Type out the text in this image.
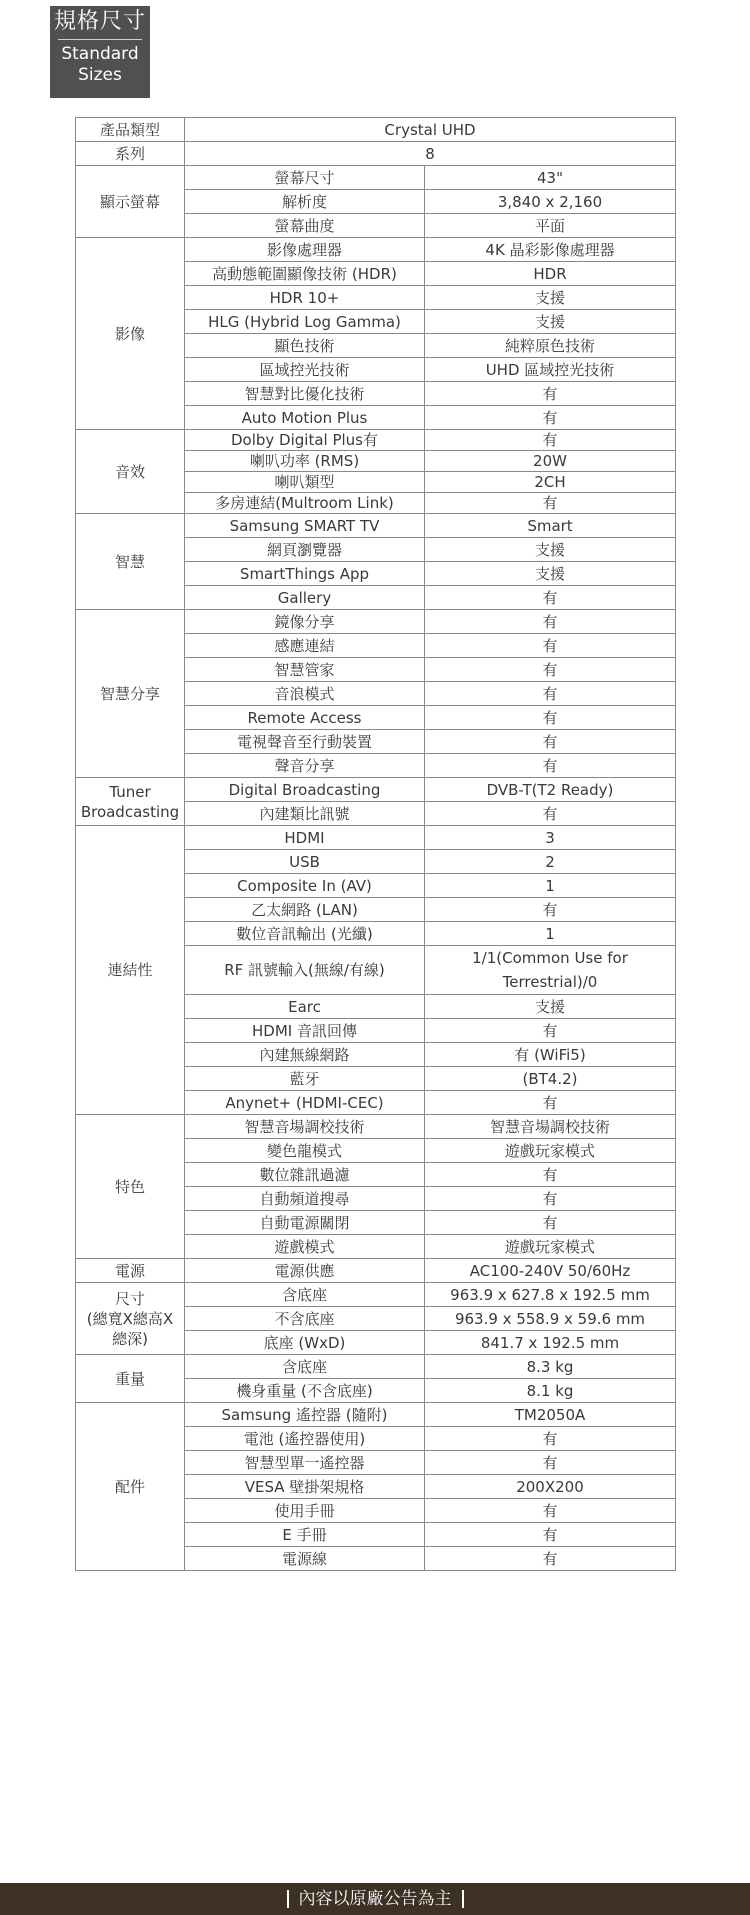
規格尺寸
Standard
Sizes
產品類型	Crystal UHD	
系列	8	
顯示螢幕	螢幕尺寸	43"
	解析度	3,840 x 2,160
	螢幕曲度	平面
影像	影像處理器	4K 晶彩影像處理器
	高動態範圍顯像技術 (HDR)	HDR
	HDR 10+	支援
	HLG (Hybrid Log Gamma)	支援
	顯色技術	純粹原色技術
	區域控光技術	UHD 區域控光技術
	智慧對比優化技術	有
	Auto Motion Plus	有
音效	Dolby Digital Plus有	有
	喇叭功率 (RMS)	20W
	喇叭類型	2CH
	多房連結(Multroom Link)	有
智慧	Samsung SMART TV	Smart
	網頁瀏覽器	支援
	SmartThings App	支援
	Gallery	有
智慧分享	鏡像分享	有
	感應連結	有
	智慧管家	有
	音浪模式	有
	Remote Access	有
	電視聲音至行動裝置	有
	聲音分享	有

Tuner
Broadcasting	Digital Broadcasting	DVB-T(T2 Ready)
	內建類比訊號	有
連結性	HDMI	3
	USB	2
	Composite In (AV)	1
	乙太網路 (LAN)	有
	數位音訊輸出 (光纖)	1
	RF 訊號輸入(無線/有線)	1/1(Common Use for
Terrestrial)/0

	Earc	支援
	HDMI 音訊回傳	有
	內建無線網路	有 (WiFi5)
	藍牙	(BT4.2)
	Anynet+ (HDMI-CEC)	有
特色	智慧音場調校技術	智慧音場調校技術
	變色龍模式	遊戲玩家模式
	數位雜訊過濾	有
	自動頻道搜尋	有
	自動電源關閉	有
	遊戲模式	遊戲玩家模式
電源	電源供應	AC100-240V 50/60Hz

尺寸
(總寬X總高X
總深)	含底座	963.9 x 627.8 x 192.5 mm
	不含底座	963.9 x 558.9 x 59.6 mm
	底座 (WxD)	841.7 x 192.5 mm
重量	含底座	8.3 kg
	機身重量 (不含底座)	8.1 kg
配件	Samsung 遙控器 (隨附)	TM2050A
	電池 (遙控器使用)	有
	智慧型單一遙控器	有
	VESA 壁掛架規格	200X200
	使用手冊	有
	E 手冊	有
	電源線	有
內容以原廠公告為主
